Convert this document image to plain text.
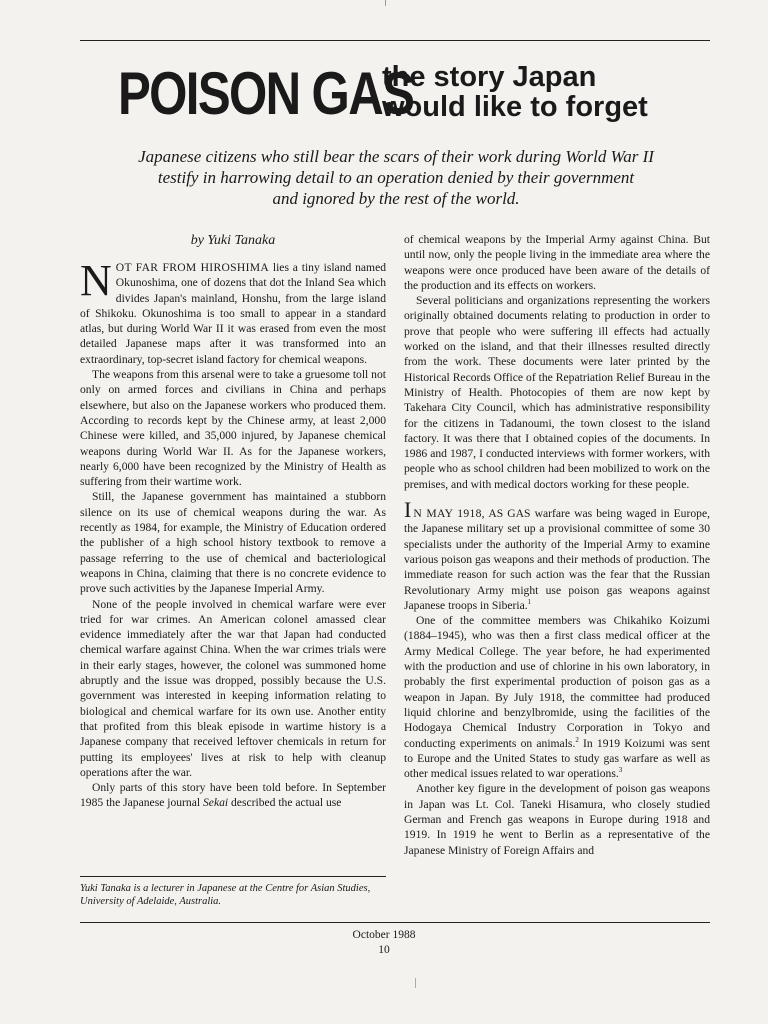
POISON GAS
the story Japan
would like to forget
Japanese citizens who still bear the scars of their work during World War II
testify in harrowing detail to an operation denied by their government
and ignored by the rest of the world.
by Yuki Tanaka

NOT FAR FROM HIROSHIMA lies a tiny island named Okunoshima, one of dozens that dot the Inland Sea which divides Japan's mainland, Honshu, from the large island of Shikoku. Okunoshima is too small to appear in a standard atlas, but during World War II it was erased from even the most detailed Japanese maps after it was transformed into an extraordinary, top-secret island factory for chemical weapons.

The weapons from this arsenal were to take a gruesome toll not only on armed forces and civilians in China and perhaps elsewhere, but also on the Japanese workers who produced them. According to records kept by the Chinese army, at least 2,000 Chinese were killed, and 35,000 injured, by Japanese chemical weapons during World War II. As for the Japanese workers, nearly 6,000 have been recognized by the Ministry of Health as suffering from their wartime work.

Still, the Japanese government has maintained a stubborn silence on its use of chemical weapons during the war. As recently as 1984, for example, the Ministry of Education ordered the publisher of a high school history textbook to remove a passage referring to the use of chemical and bacteriological weapons in China, claiming that there is no concrete evidence to prove such activities by the Japanese Imperial Army.

None of the people involved in chemical warfare were ever tried for war crimes. An American colonel amassed clear evidence immediately after the war that Japan had conducted chemical warfare against China. When the war crimes trials were in their early stages, however, the colonel was summoned home abruptly and the issue was dropped, possibly because the U.S. government was interested in keeping information relating to biological and chemical warfare for its own use. Another entity that profited from this bleak episode in wartime history is a Japanese company that received leftover chemicals in return for putting its employees' lives at risk to help with cleanup operations after the war.

Only parts of this story have been told before. In September 1985 the Japanese journal Sekai described the actual use

Yuki Tanaka is a lecturer in Japanese at the Centre for Asian Studies, University of Adelaide, Australia.

of chemical weapons by the Imperial Army against China. But until now, only the people living in the immediate area where the weapons were once produced have been aware of the details of the production and its effects on workers.

Several politicians and organizations representing the workers originally obtained documents relating to production in order to prove that people who were suffering ill effects had actually worked on the island, and that their illnesses resulted directly from the work. These documents were later printed by the Historical Records Office of the Repatriation Relief Bureau in the Ministry of Health. Photocopies of them are now kept by Takehara City Council, which has administrative responsibility for the citizens in Tadanoumi, the town closest to the island factory. It was there that I obtained copies of the documents. In 1986 and 1987, I conducted interviews with former workers, with people who as school children had been mobilized to work on the premises, and with medical doctors working for these people.

I N MAY 1918, AS GAS warfare was being waged in Europe, the Japanese military set up a provisional committee of some 30 specialists under the authority of the Imperial Army to examine various poison gas weapons and their methods of production. The immediate reason for such action was the fear that the Russian Revolutionary Army might use poison gas weapons against Japanese troops in Siberia.$^1$

One of the committee members was Chikahiko Koizumi (1884–1945), who was then a first class medical officer at the Army Medical College. The year before, he had experimented with the production and use of chlorine in his own laboratory, in probably the first experimental production of poison gas as a weapon in Japan. By July 1918, the committee had produced liquid chlorine and benzylbromide, using the facilities of the Hodogaya Chemical Industry Corporation in Tokyo and conducting experiments on animals.$^2$ In 1919 Koizumi was sent to Europe and the United States to study gas warfare as well as other medical issues related to war operations.$^3$

Another key figure in the development of poison gas weapons in Japan was Lt. Col. Taneki Hisamura, who closely studied German and French gas weapons in Europe during 1918 and 1919. In 1919 he went to Berlin as a representative of the Japanese Ministry of Foreign Affairs and

October 1988
10
